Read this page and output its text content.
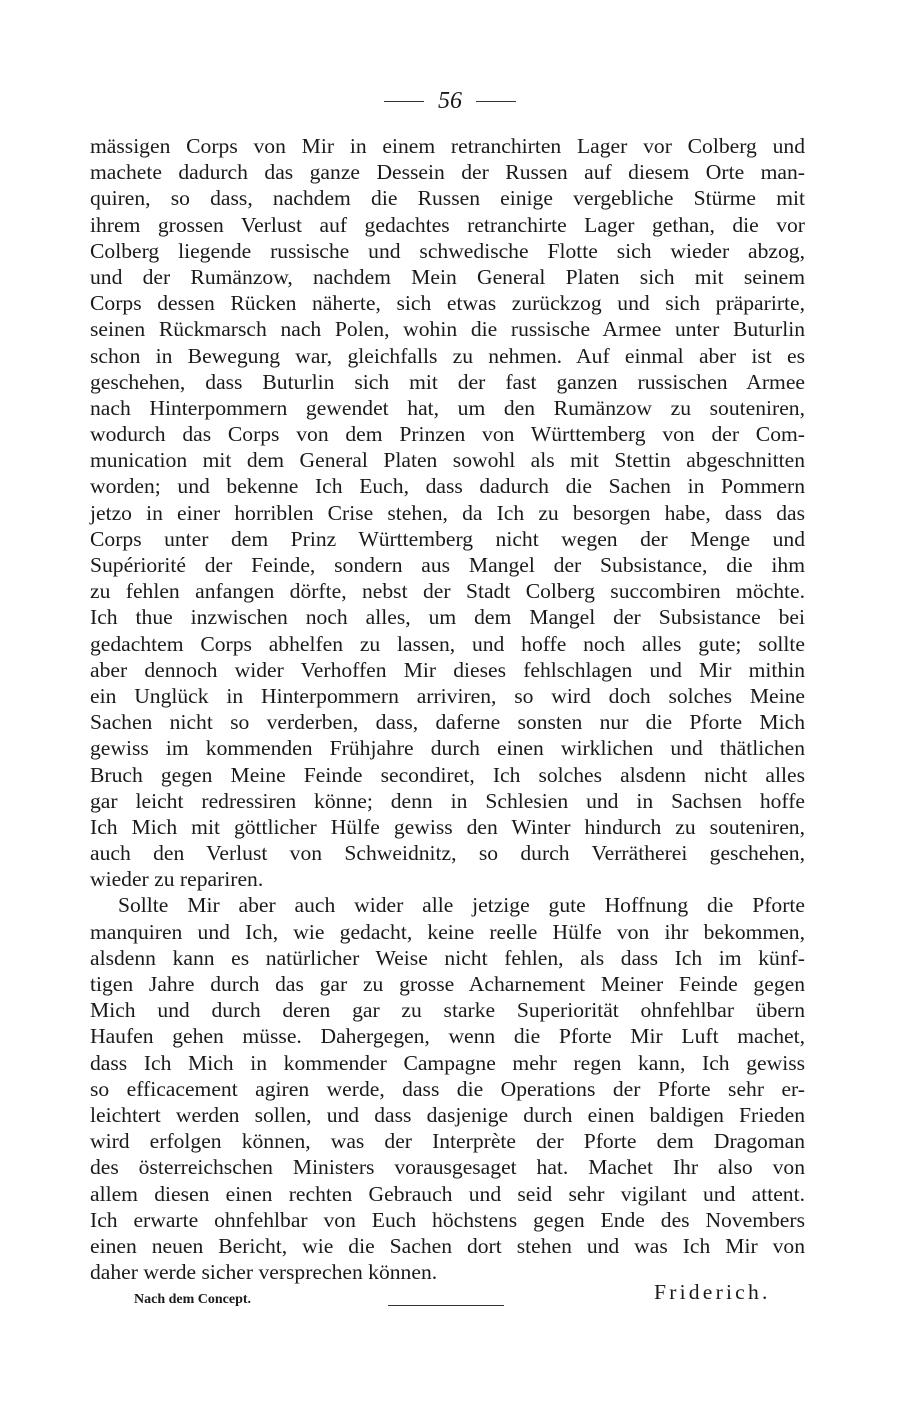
56
mässigen Corps von Mir in einem retranchirten Lager vor Colberg und
machete dadurch das ganze Dessein der Russen auf diesem Orte man-
quiren, so dass, nachdem die Russen einige vergebliche Stürme mit
ihrem grossen Verlust auf gedachtes retranchirte Lager gethan, die vor
Colberg liegende russische und schwedische Flotte sich wieder abzog,
und der Rumänzow, nachdem Mein General Platen sich mit seinem
Corps dessen Rücken näherte, sich etwas zurückzog und sich präparirte,
seinen Rückmarsch nach Polen, wohin die russische Armee unter Buturlin
schon in Bewegung war, gleichfalls zu nehmen. Auf einmal aber ist es
geschehen, dass Buturlin sich mit der fast ganzen russischen Armee
nach Hinterpommern gewendet hat, um den Rumänzow zu souteniren,
wodurch das Corps von dem Prinzen von Württemberg von der Com-
munication mit dem General Platen sowohl als mit Stettin abgeschnitten
worden; und bekenne Ich Euch, dass dadurch die Sachen in Pommern
jetzo in einer horriblen Crise stehen, da Ich zu besorgen habe, dass das
Corps unter dem Prinz Württemberg nicht wegen der Menge und
Supériorité der Feinde, sondern aus Mangel der Subsistance, die ihm
zu fehlen anfangen dörfte, nebst der Stadt Colberg succombiren möchte.
Ich thue inzwischen noch alles, um dem Mangel der Subsistance bei
gedachtem Corps abhelfen zu lassen, und hoffe noch alles gute; sollte
aber dennoch wider Verhoffen Mir dieses fehlschlagen und Mir mithin
ein Unglück in Hinterpommern arriviren, so wird doch solches Meine
Sachen nicht so verderben, dass, daferne sonsten nur die Pforte Mich
gewiss im kommenden Frühjahre durch einen wirklichen und thätlichen
Bruch gegen Meine Feinde secondiret, Ich solches alsdenn nicht alles
gar leicht redressiren könne; denn in Schlesien und in Sachsen hoffe
Ich Mich mit göttlicher Hülfe gewiss den Winter hindurch zu souteniren,
auch den Verlust von Schweidnitz, so durch Verrätherei geschehen,
wieder zu repariren.
Sollte Mir aber auch wider alle jetzige gute Hoffnung die Pforte
manquiren und Ich, wie gedacht, keine reelle Hülfe von ihr bekommen,
alsdenn kann es natürlicher Weise nicht fehlen, als dass Ich im künf-
tigen Jahre durch das gar zu grosse Acharnement Meiner Feinde gegen
Mich und durch deren gar zu starke Superiorität ohnfehlbar übern
Haufen gehen müsse. Dahergegen, wenn die Pforte Mir Luft machet,
dass Ich Mich in kommender Campagne mehr regen kann, Ich gewiss
so efficacement agiren werde, dass die Operations der Pforte sehr er-
leichtert werden sollen, und dass dasjenige durch einen baldigen Frieden
wird erfolgen können, was der Interprète der Pforte dem Dragoman
des österreichschen Ministers vorausgesaget hat. Machet Ihr also von
allem diesen einen rechten Gebrauch und seid sehr vigilant und attent.
Ich erwarte ohnfehlbar von Euch höchstens gegen Ende des Novembers
einen neuen Bericht, wie die Sachen dort stehen und was Ich Mir von
daher werde sicher versprechen können.
Nach dem Concept.	Friderich.
